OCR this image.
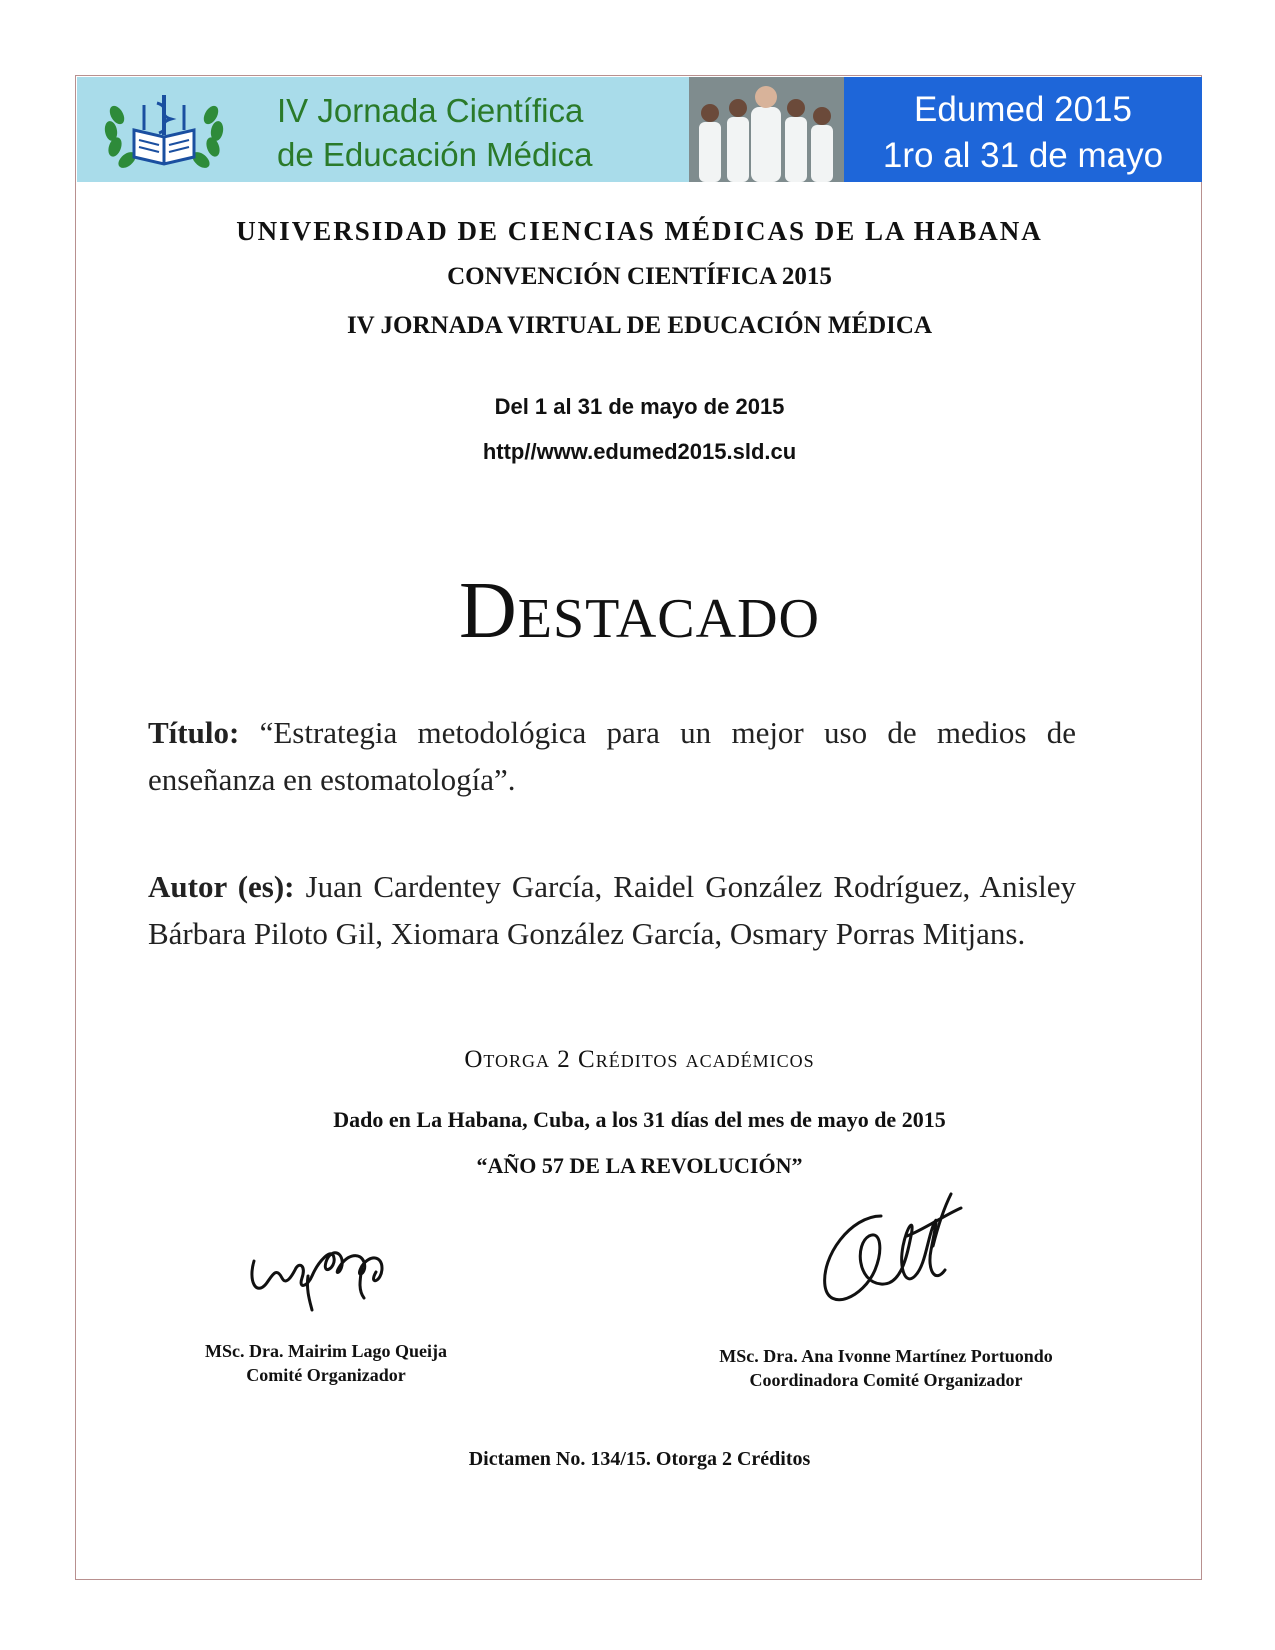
IV Jornada Científica
de Educación Médica
Edumed 2015
1ro al 31 de mayo
UNIVERSIDAD DE CIENCIAS MÉDICAS DE LA HABANA
CONVENCIÓN CIENTÍFICA 2015
IV JORNADA VIRTUAL DE EDUCACIÓN MÉDICA
Del 1 al 31 de mayo de 2015
http//www.edumed2015.sld.cu
Destacado
Título: “Estrategia metodológica para un mejor uso de medios de enseñanza en estomatología”.
Autor (es): Juan Cardentey García, Raidel González Rodríguez, Anisley Bárbara Piloto Gil, Xiomara González García, Osmary Porras Mitjans.
Otorga 2 Créditos académicos
Dado en La Habana, Cuba, a los 31 días del mes de mayo de 2015
“AÑO 57 DE LA REVOLUCIÓN”
MSc. Dra. Mairim Lago Queija
Comité Organizador
MSc. Dra. Ana Ivonne Martínez Portuondo
Coordinadora Comité Organizador
Dictamen No. 134/15. Otorga 2 Créditos
